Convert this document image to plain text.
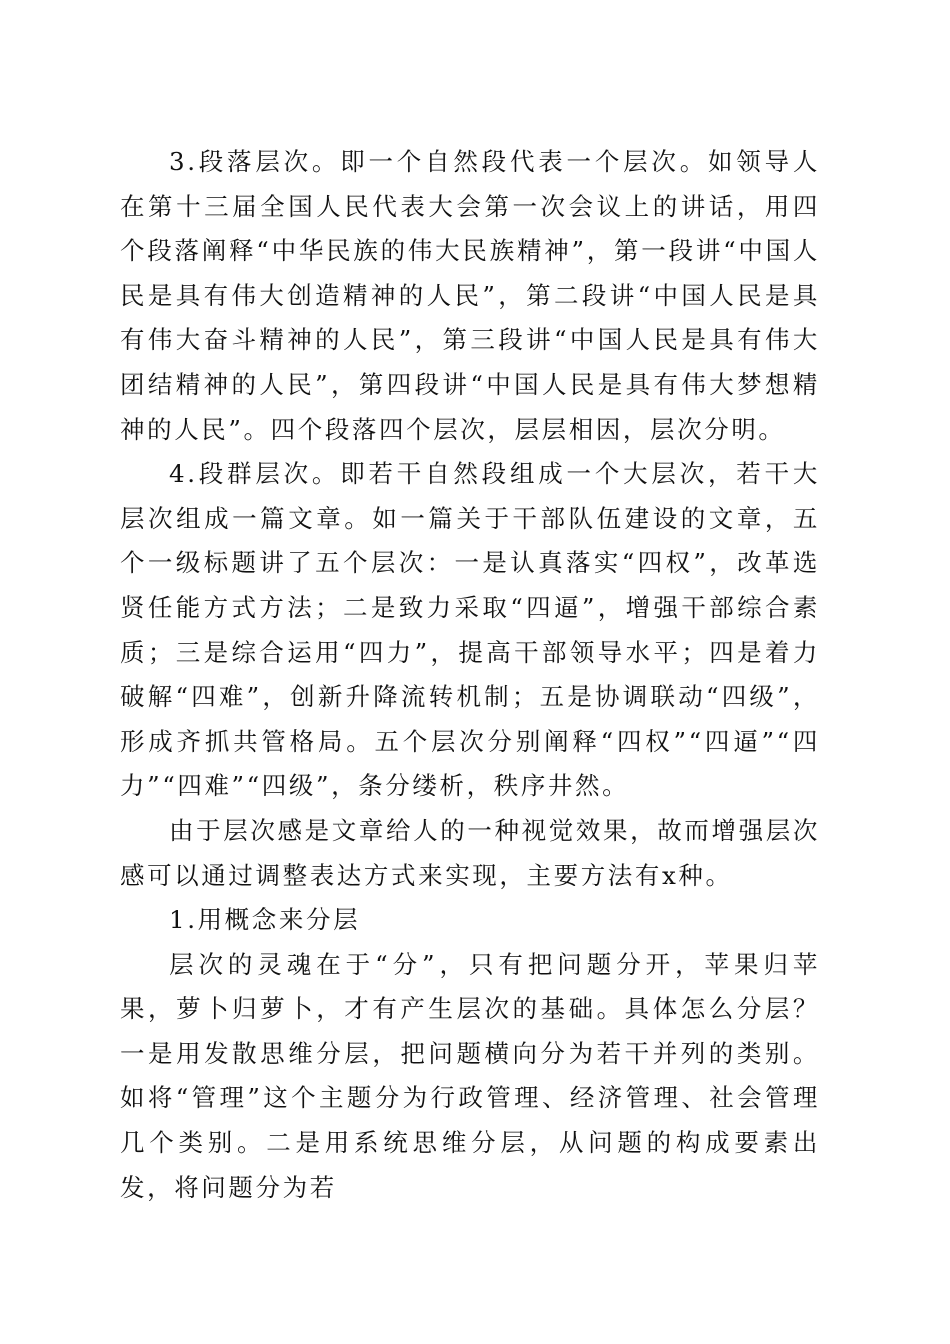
3.段落层次。即一个自然段代表一个层次。如领导人在第十三届全国人民代表大会第一次会议上的讲话，用四个段落阐释“中华民族的伟大民族精神”，第一段讲“中国人民是具有伟大创造精神的人民”，第二段讲“中国人民是具有伟大奋斗精神的人民”，第三段讲“中国人民是具有伟大团结精神的人民”，第四段讲“中国人民是具有伟大梦想精神的人民”。四个段落四个层次，层层相因，层次分明。

4.段群层次。即若干自然段组成一个大层次，若干大层次组成一篇文章。如一篇关于干部队伍建设的文章，五个一级标题讲了五个层次：一是认真落实“四权”，改革选贤任能方式方法；二是致力采取“四逼”，增强干部综合素质；三是综合运用“四力”，提高干部领导水平；四是着力破解“四难”，创新升降流转机制；五是协调联动“四级”，形成齐抓共管格局。五个层次分别阐释“四权”“四逼”“四力”“四难”“四级”，条分缕析，秩序井然。

由于层次感是文章给人的一种视觉效果，故而增强层次感可以通过调整表达方式来实现，主要方法有x种。

1.用概念来分层

层次的灵魂在于“分”，只有把问题分开，苹果归苹果，萝卜归萝卜，才有产生层次的基础。具体怎么分层？一是用发散思维分层，把问题横向分为若干并列的类别。如将“管理”这个主题分为行政管理、经济管理、社会管理几个类别。二是用系统思维分层，从问题的构成要素出发，将问题分为若
